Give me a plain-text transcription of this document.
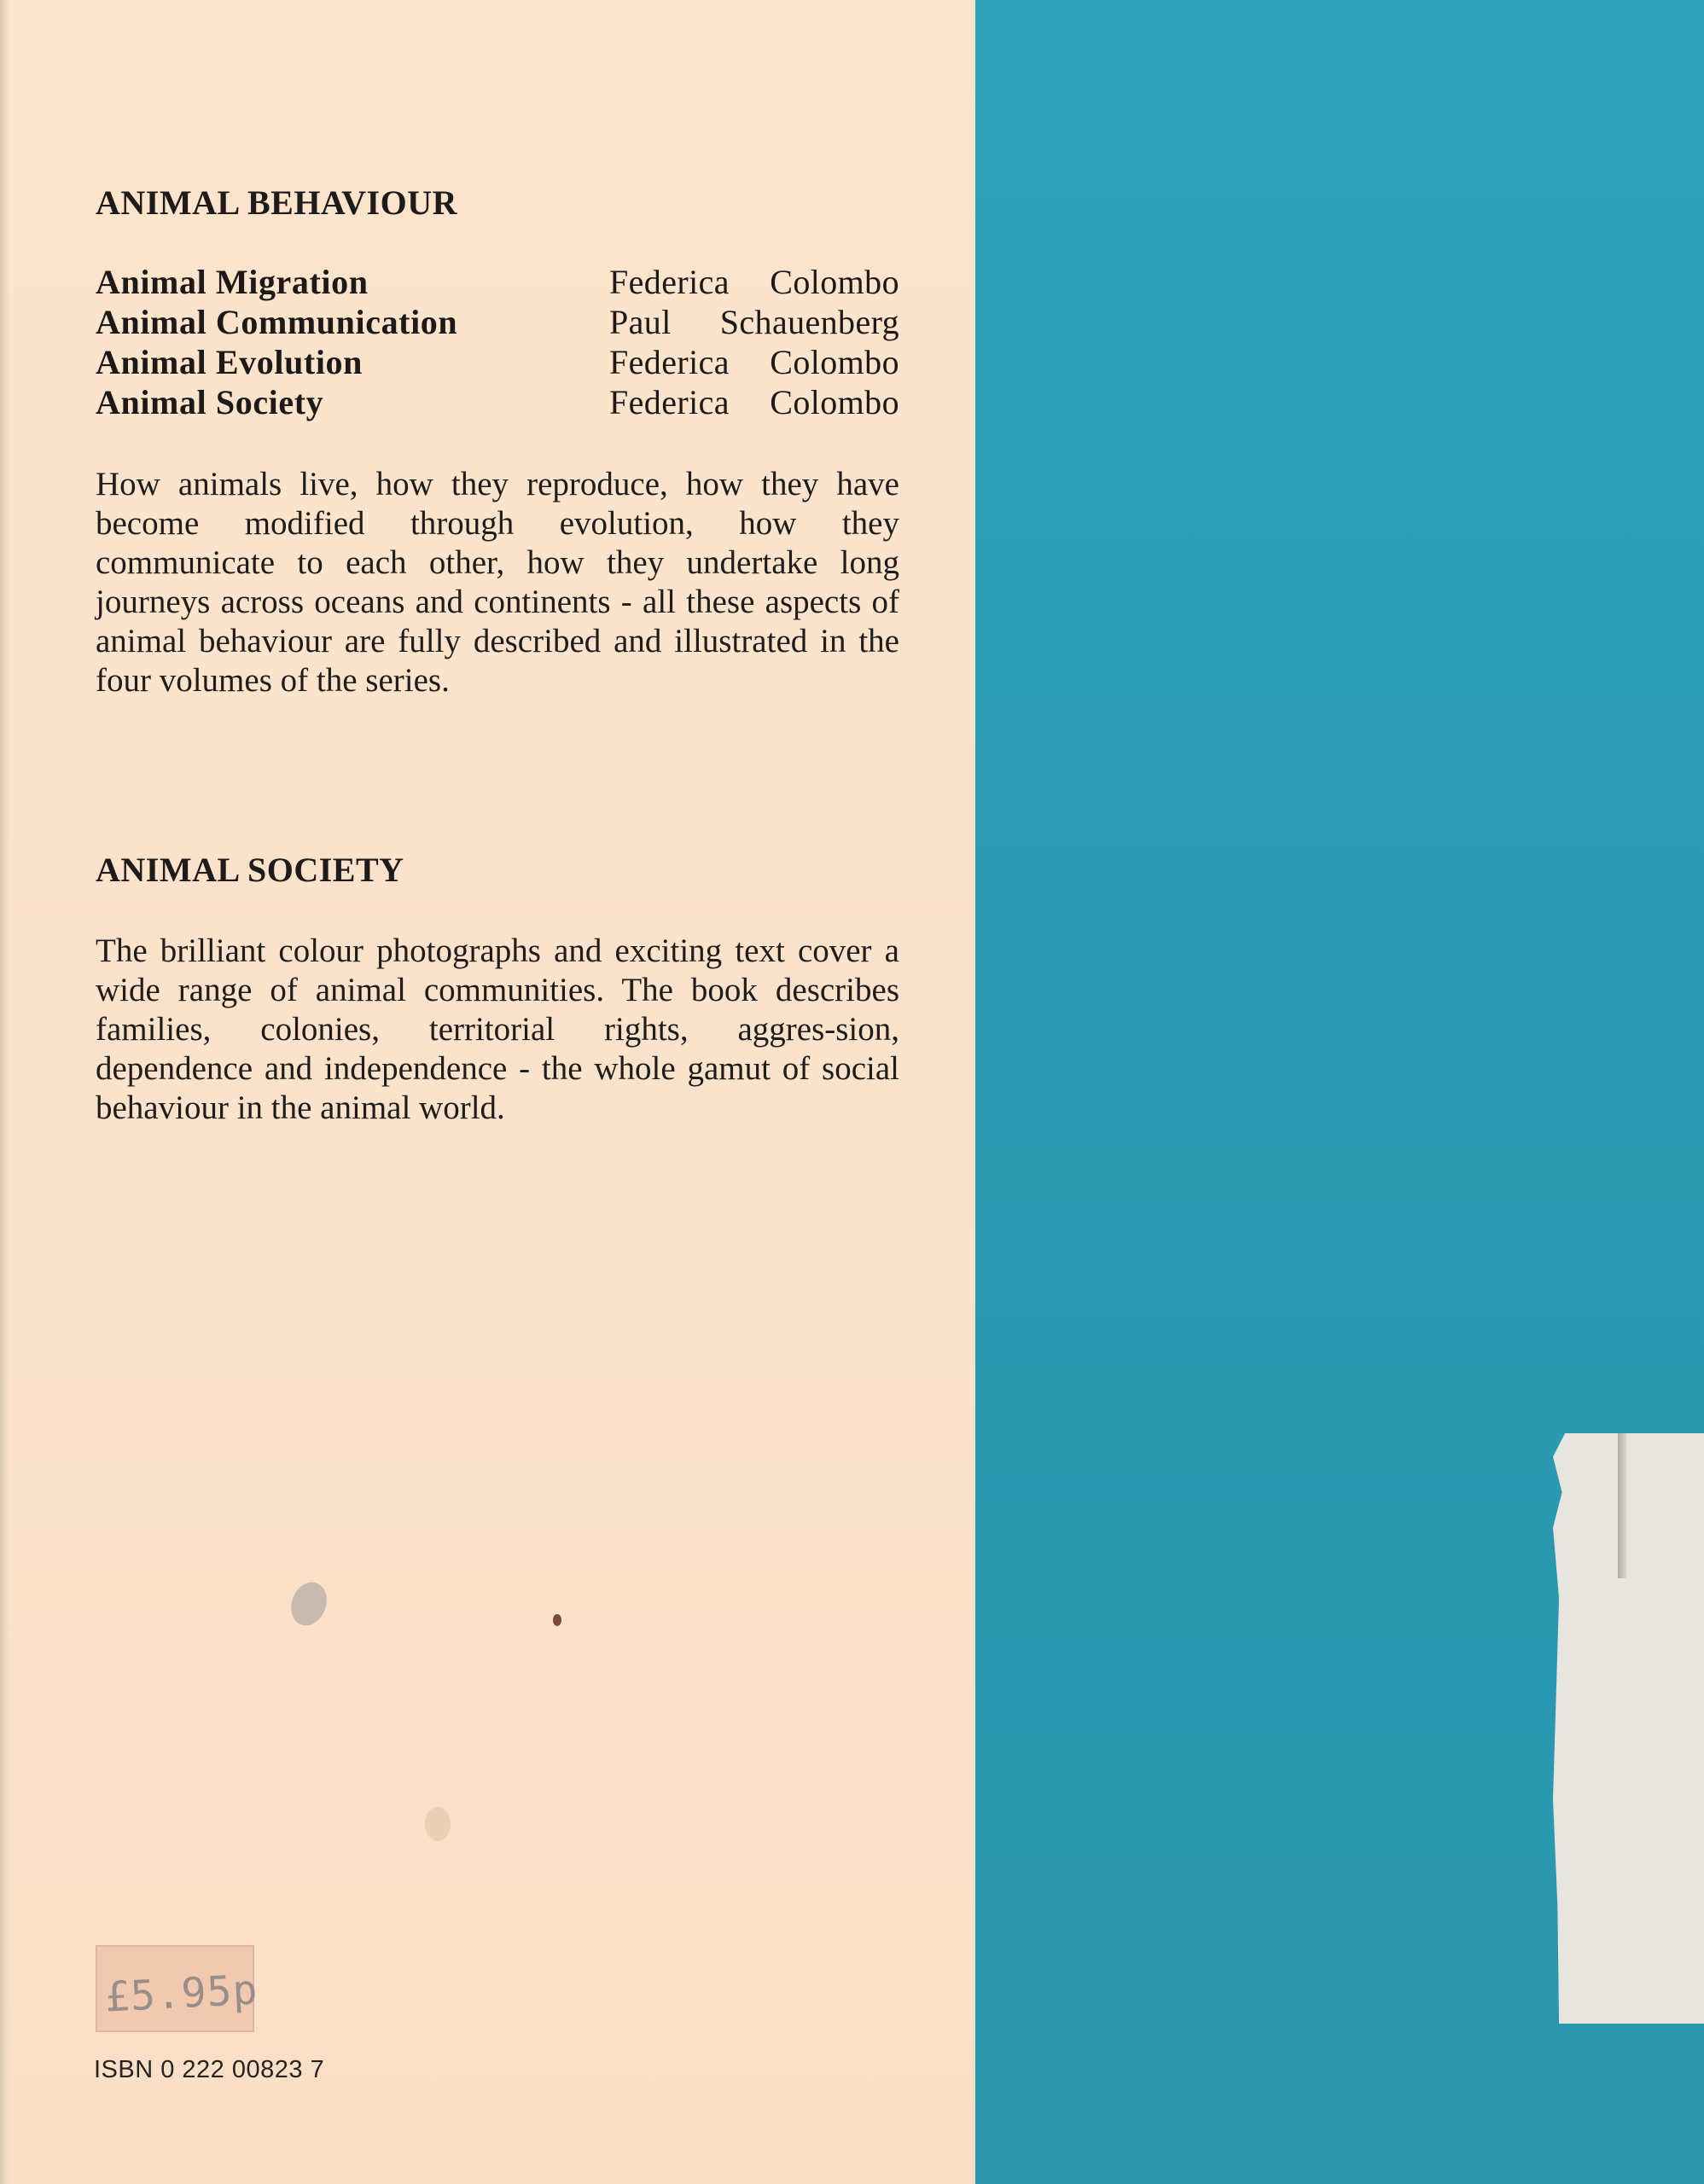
ANIMAL BEHAVIOUR
Animal Migration	Federica Colombo
Animal Communication	Paul Schauenberg
Animal Evolution	Federica Colombo
Animal Society	Federica Colombo

How animals live, how they reproduce, how they have become modified through evolution, how they communicate to each other, how they undertake long journeys across oceans and continents - all these aspects of animal behaviour are fully described and illustrated in the four volumes of the series.

ANIMAL SOCIETY

The brilliant colour photographs and exciting text cover a wide range of animal communities. The book describes families, colonies, territorial rights, aggres-sion, dependence and independence - the whole gamut of social behaviour in the animal world.

£5.95p

ISBN 0 222 00823 7
